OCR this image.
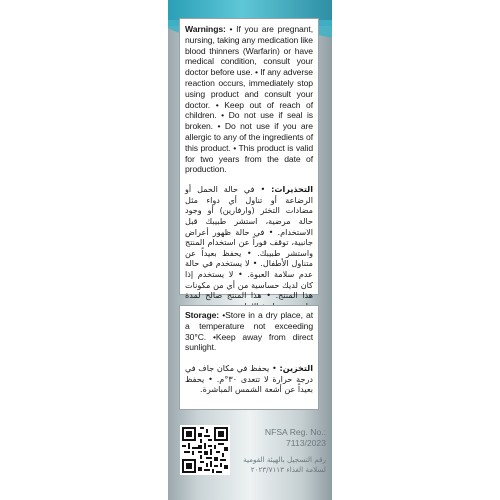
Warnings: • If you are pregnant, nursing, taking any medication like blood thinners (Warfarin) or have medical condition, consult your doctor before use. • If any adverse reaction occurs, immediately stop using product and consult your doctor. • Keep out of reach of children. • Do not use if seal is broken. • Do not use if you are allergic to any of the ingredients of this product. • This product is valid for two years from the date of production.
التحذيرات: • في حالة الحمل أو الرضاعة أو تناول أي دواء مثل مضادات التخثر (وارفارين) أو وجود حالة مرضية، استشر طبيبك قبل الاستخدام. • في حالة ظهور أعراض جانبية، توقف فوراً عن استخدام المنتج واستشر طبيبك. • يحفظ بعيداً عن متناول الأطفال. • لا يستخدم في حالة عدم سلامة العبوة. • لا يستخدم إذا كان لديك حساسية من أي من مكونات هذا المنتج. • هذا المنتج صالح لمدة
Storage: •Store in a dry place, at a temperature not exceeding 30°C. •Keep away from direct sunlight.
التخزين: • يحفظ في مكان جاف في درجة حرارة لا تتعدى ٣٠°م. • يحفظ بعيداً عن أشعة الشمس المباشرة.
NFSA Reg. No.:
7113/2023
رقم التسجيل بالهيئة القومية لسلامة الغذاء ٢٠٢٣/٧١١٣
